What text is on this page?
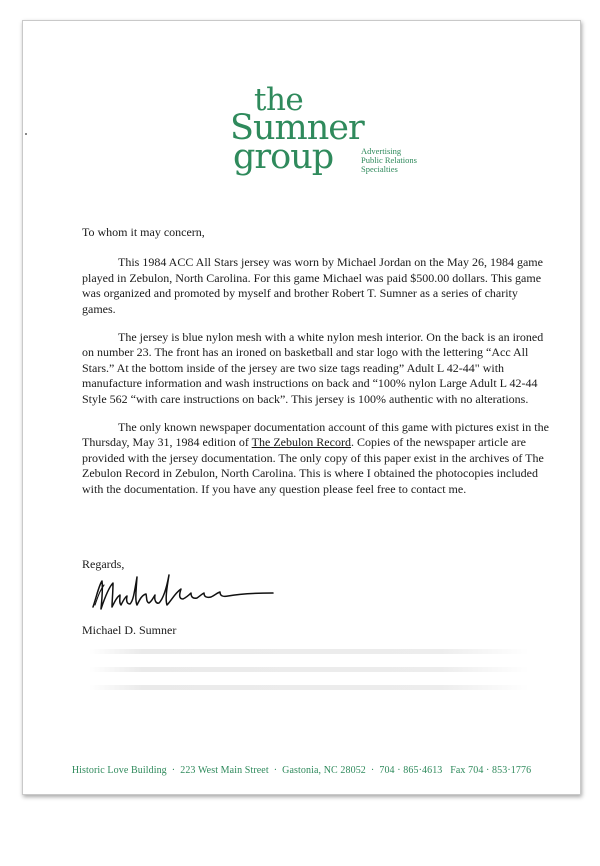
the
Sumner
group	Advertising
Public Relations
Specialties

To whom it may concern,

This 1984 ACC All Stars jersey was worn by Michael Jordan on the May 26, 1984 game played in Zebulon, North Carolina. For this game Michael was paid $500.00 dollars. This game was organized and promoted by myself and brother Robert T. Sumner as a series of charity games.

The jersey is blue nylon mesh with a white nylon mesh interior. On the back is an ironed on number 23. The front has an ironed on basketball and star logo with the lettering “Acc All Stars.” At the bottom inside of the jersey are two size tags reading” Adult L 42-44" with manufacture information and wash instructions on back and “100% nylon Large Adult L 42-44 Style 562 “with care instructions on back”. This jersey is 100% authentic with no alterations.

The only known newspaper documentation account of this game with pictures exist in the Thursday, May 31, 1984 edition of The Zebulon Record. Copies of the newspaper article are provided with the jersey documentation. The only copy of this paper exist in the archives of The Zebulon Record in Zebulon, North Carolina. This is where I obtained the photocopies included with the documentation. If you have any question please feel free to contact me.

Regards,
Michael D. Sumner
Historic Love Building · 223 West Main Street · Gastonia, NC 28052 · 704 · 865·4613 Fax 704 · 853·1776
